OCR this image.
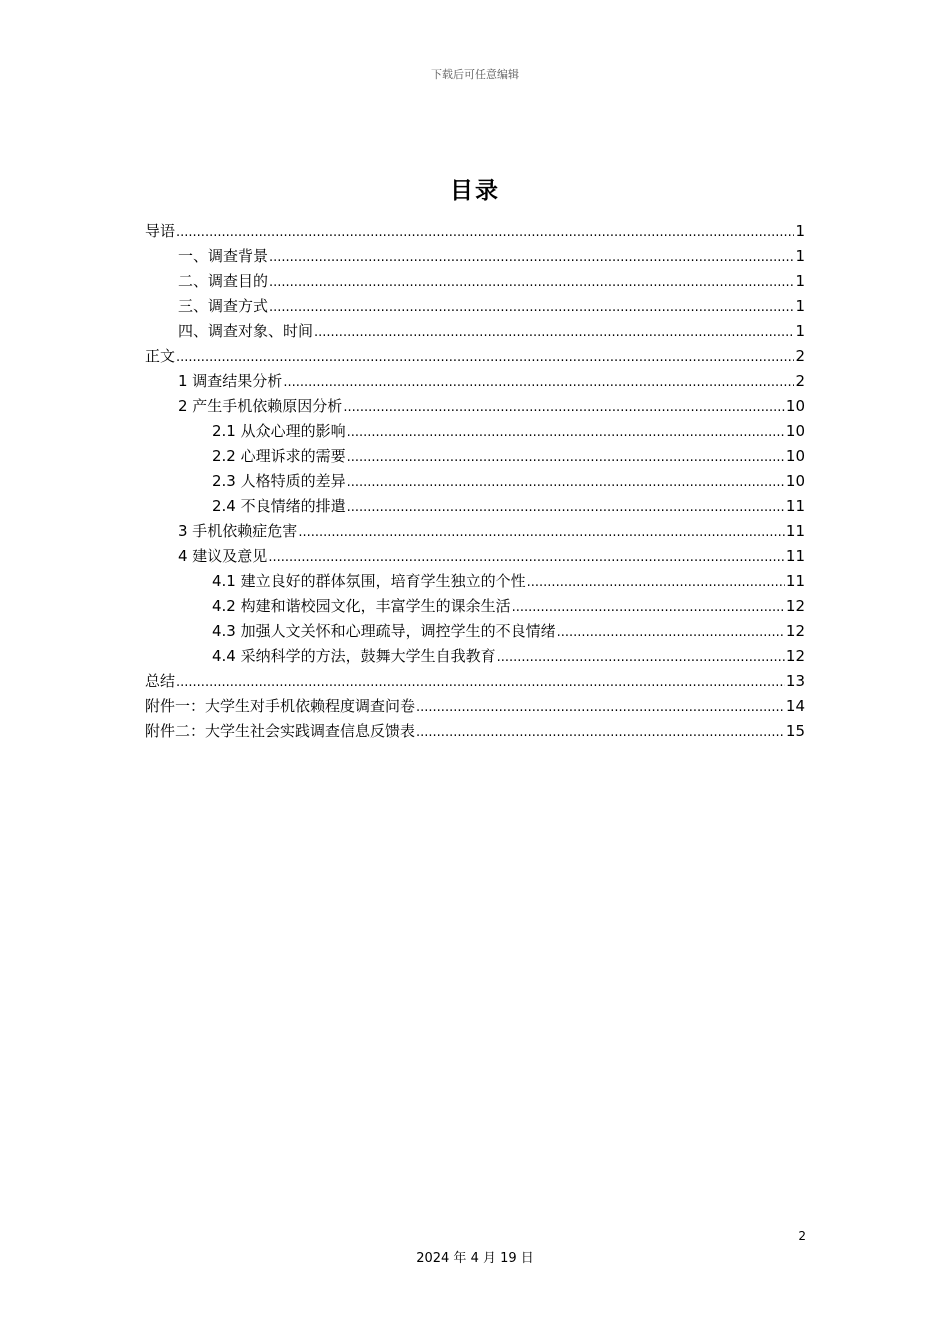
下载后可任意编辑
目录
导语 .....	1
一、调查背景 .....	1
二、调查目的 .....	1
三、调查方式 .....	1
四、调查对象、时间 .....	1
正文 .....	2
1 调查结果分析 .....	2
2 产生手机依赖原因分析 .....	10
2.1 从众心理的影响 .....	10
2.2 心理诉求的需要 .....	10
2.3 人格特质的差异 .....	10
2.4 不良情绪的排遣 .....	11
3 手机依赖症危害 .....	11
4 建议及意见 .....	11
4.1 建立良好的群体氛围，培育学生独立的个性 .....	11
4.2 构建和谐校园文化，丰富学生的课余生活 .....	12
4.3 加强人文关怀和心理疏导，调控学生的不良情绪 .....	12
4.4 采纳科学的方法，鼓舞大学生自我教育 .....	12
总结 .....	13
附件一：大学生对手机依赖程度调查问卷 .....	14
附件二：大学生社会实践调查信息反馈表 .....	15
2
2024 年 4 月 19 日
